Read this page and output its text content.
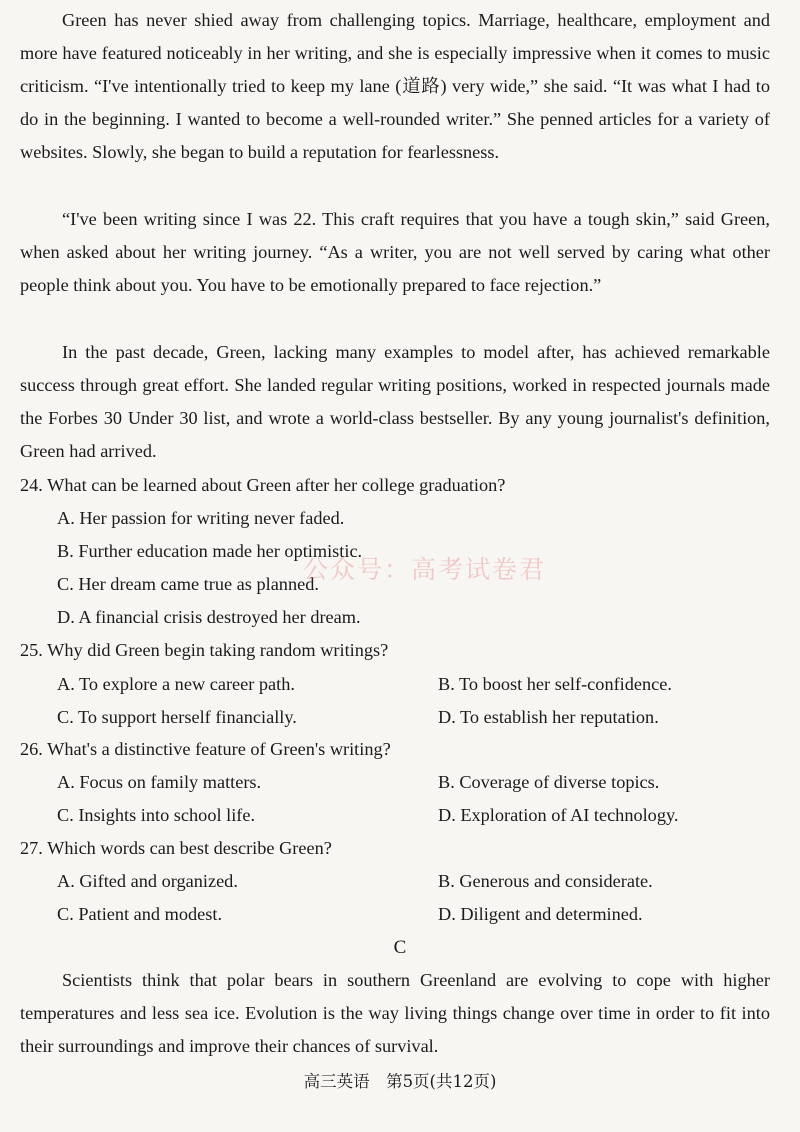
Green has never shied away from challenging topics. Marriage, healthcare, employment and more have featured noticeably in her writing, and she is especially impressive when it comes to music criticism. “I've intentionally tried to keep my lane (道路) very wide,” she said. “It was what I had to do in the beginning. I wanted to become a well-rounded writer.” She penned articles for a variety of websites. Slowly, she began to build a reputation for fearlessness.

“I've been writing since I was 22. This craft requires that you have a tough skin,” said Green, when asked about her writing journey. “As a writer, you are not well served by caring what other people think about you. You have to be emotionally prepared to face rejection.”

In the past decade, Green, lacking many examples to model after, has achieved remarkable success through great effort. She landed regular writing positions, worked in respected journals made the Forbes 30 Under 30 list, and wrote a world-class bestseller. By any young journalist's definition, Green had arrived.

24. What can be learned about Green after her college graduation?
A. Her passion for writing never faded.
B. Further education made her optimistic.
C. Her dream came true as planned.
D. A financial crisis destroyed her dream.
25. Why did Green begin taking random writings?
A. To explore a new career path.	B. To boost her self-confidence.
C. To support herself financially.	D. To establish her reputation.
26. What's a distinctive feature of Green's writing?
A. Focus on family matters.	B. Coverage of diverse topics.
C. Insights into school life.	D. Exploration of AI technology.
27. Which words can best describe Green?
A. Gifted and organized.	B. Generous and considerate.
C. Patient and modest.	D. Diligent and determined.
C

Scientists think that polar bears in southern Greenland are evolving to cope with higher temperatures and less sea ice. Evolution is the way living things change over time in order to fit into their surroundings and improve their chances of survival.

公众号：高考试卷君
高三英语　第5页(共12页)
